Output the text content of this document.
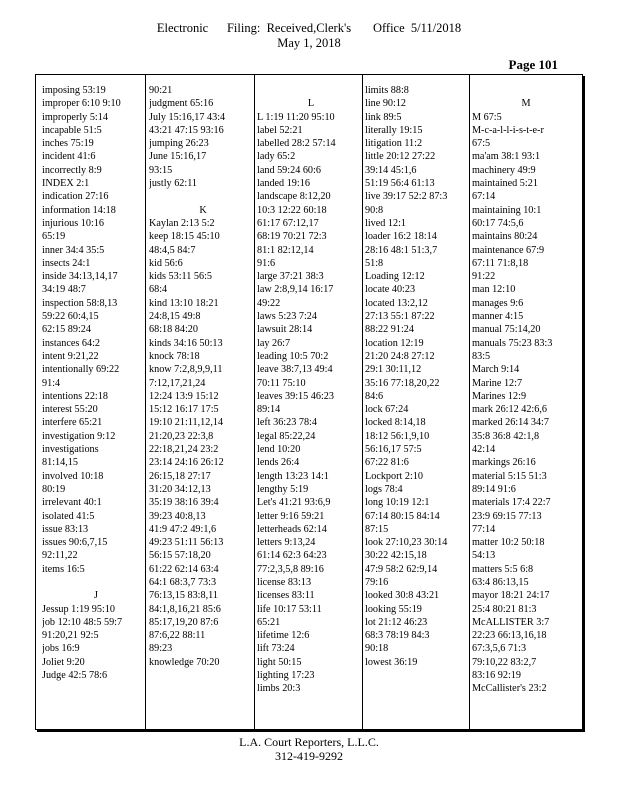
Electronic      Filing:  Received,Clerk's       Office  5/11/2018
May 1, 2018
Page 101
imposing 53:19
improper 6:10 9:10
improperly 5:14
incapable 51:5
inches 75:19
incident 41:6
incorrectly 8:9
INDEX 2:1
indication 27:16
information 14:18
injurious 10:16
65:19
inner 34:4 35:5
insects 24:1
inside 34:13,14,17
34:19 48:7
inspection 58:8,13
59:22 60:4,15
62:15 89:24
instances 64:2
intent 9:21,22
intentionally 69:22
91:4
intentions 22:18
interest 55:20
interfere 65:21
investigation 9:12
investigations
81:14,15
involved 10:18
80:19
irrelevant 40:1
isolated 41:5
issue 83:13
issues 90:6,7,15
92:11,22
items 16:5
J
Jessup 1:19 95:10
job 12:10 48:5 59:7
91:20,21 92:5
jobs 16:9
Joliet 9:20
Judge 42:5 78:6
90:21
judgment 65:16
July 15:16,17 43:4
43:21 47:15 93:16
jumping 26:23
June 15:16,17
93:15
justly 62:11
K
Kaylan 2:13 5:2
keep 18:15 45:10
48:4,5 84:7
kid 56:6
kids 53:11 56:5
68:4
kind 13:10 18:21
24:8,15 49:8
68:18 84:20
kinds 34:16 50:13
knock 78:18
know 7:2,8,9,9,11
7:12,17,21,24
12:24 13:9 15:12
15:12 16:17 17:5
19:10 21:11,12,14
21:20,23 22:3,8
22:18,21,24 23:2
23:14 24:16 26:12
26:15,18 27:17
31:20 34:12,13
35:19 38:16 39:4
39:23 40:8,13
41:9 47:2 49:1,6
49:23 51:11 56:13
56:15 57:18,20
61:22 62:14 63:4
64:1 68:3,7 73:3
76:13,15 83:8,11
84:1,8,16,21 85:6
85:17,19,20 87:6
87:6,22 88:11
89:23
knowledge 70:20
L
L 1:19 11:20 95:10
label 52:21
labelled 28:2 57:14
lady 65:2
land 59:24 60:6
landed 19:16
landscape 8:12,20
10:3 12:22 60:18
61:17 67:12,17
68:19 70:21 72:3
81:1 82:12,14
91:6
large 37:21 38:3
law 2:8,9,14 16:17
49:22
laws 5:23 7:24
lawsuit 28:14
lay 26:7
leading 10:5 70:2
leave 38:7,13 49:4
70:11 75:10
leaves 39:15 46:23
89:14
left 36:23 78:4
legal 85:22,24
lend 10:20
lends 26:4
length 13:23 14:1
lengthy 5:19
Let's 41:21 93:6,9
letter 9:16 59:21
letterheads 62:14
letters 9:13,24
61:14 62:3 64:23
77:2,3,5,8 89:16
license 83:13
licenses 83:11
life 10:17 53:11
65:21
lifetime 12:6
lift 73:24
light 50:15
lighting 17:23
limbs 20:3
limits 88:8
line 90:12
link 89:5
literally 19:15
litigation 11:2
little 20:12 27:22
39:14 45:1,6
51:19 56:4 61:13
live 39:17 52:2 87:3
90:8
lived 12:1
loader 16:2 18:14
28:16 48:1 51:3,7
51:8
Loading 12:12
locate 40:23
located 13:2,12
27:13 55:1 87:22
88:22 91:24
location 12:19
21:20 24:8 27:12
29:1 30:11,12
35:16 77:18,20,22
84:6
lock 67:24
locked 8:14,18
18:12 56:1,9,10
56:16,17 57:5
67:22 81:6
Lockport 2:10
logs 78:4
long 10:19 12:1
67:14 80:15 84:14
87:15
look 27:10,23 30:14
30:22 42:15,18
47:9 58:2 62:9,14
79:16
looked 30:8 43:21
looking 55:19
lot 21:12 46:23
68:3 78:19 84:3
90:18
lowest 36:19
M
M 67:5
M-c-a-l-l-i-s-t-e-r
67:5
ma'am 38:1 93:1
machinery 49:9
maintained 5:21
67:14
maintaining 10:1
60:17 74:5,6
maintains 80:24
maintenance 67:9
67:11 71:8,18
91:22
man 12:10
manages 9:6
manner 4:15
manual 75:14,20
manuals 75:23 83:3
83:5
March 9:14
Marine 12:7
Marines 12:9
mark 26:12 42:6,6
marked 26:14 34:7
35:8 36:8 42:1,8
42:14
markings 26:16
material 5:15 51:3
89:14 91:6
materials 17:4 22:7
23:9 69:15 77:13
77:14
matter 10:2 50:18
54:13
matters 5:5 6:8
63:4 86:13,15
mayor 18:21 24:17
25:4 80:21 81:3
McALLISTER 3:7
22:23 66:13,16,18
67:3,5,6 71:3
79:10,22 83:2,7
83:16 92:19
McCallister's 23:2
L.A. Court Reporters, L.L.C.
312-419-9292
